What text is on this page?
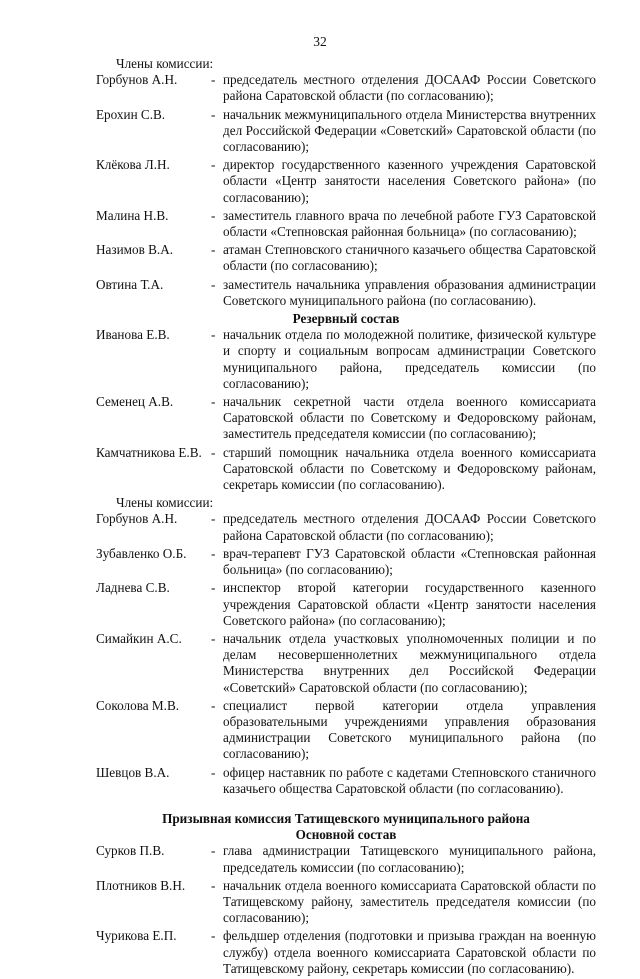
32
Члены комиссии:
Горбунов А.Н.	- председатель местного отделения ДОСААФ России Советского района Саратовской области (по согласованию);
Ерохин С.В.	- начальник межмуниципального отдела Министерства внутренних дел Российской Федерации «Советский» Саратовской области (по согласованию);
Клёкова Л.Н.	- директор государственного казенного учреждения Саратовской области «Центр занятости населения Советского района» (по согласованию);
Малина Н.В.	- заместитель главного врача по лечебной работе ГУЗ Саратовской области «Степновская районная больница» (по согласованию);
Назимов В.А.	- атаман Степновского станичного казачьего общества Саратовской области (по согласованию);
Овтина Т.А.	- заместитель начальника управления образования администрации Советского муниципального района (по согласованию).
Резервный состав
Иванова Е.В.	- начальник отдела по молодежной политике, физической культуре и спорту и социальным вопросам администрации Советского муниципального района, председатель комиссии (по согласованию);
Семенец А.В.	- начальник секретной части отдела военного комиссариата Саратовской области по Советскому и Федоровскому районам, заместитель председателя комиссии (по согласованию);
Камчатникова Е.В. - старший помощник начальника отдела военного комиссариата Саратовской области по Советскому и Федоровскому районам, секретарь комиссии (по согласованию).
Члены комиссии:
Горбунов А.Н.	- председатель местного отделения ДОСААФ России Советского района Саратовской области (по согласованию);
Зубавленко О.Б.	- врач-терапевт ГУЗ Саратовской области «Степновская районная больница» (по согласованию);
Ладнева С.В.	- инспектор второй категории государственного казенного учреждения Саратовской области «Центр занятости населения Советского района» (по согласованию);
Симайкин А.С.	- начальник отдела участковых уполномоченных полиции и по делам несовершеннолетних межмуниципального отдела Министерства внутренних дел Российской Федерации «Советский» Саратовской области (по согласованию);
Соколова М.В.	- специалист первой категории отдела управления образовательными учреждениями управления образования администрации Советского муниципального района (по согласованию);
Шевцов В.А.	- офицер наставник по работе с кадетами Степновского станичного казачьего общества Саратовской области (по согласованию).
Призывная комиссия Татищевского муниципального района
Основной состав
Сурков П.В.	- глава администрации Татищевского муниципального района, председатель комиссии (по согласованию);
Плотников В.Н.	- начальник отдела военного комиссариата Саратовской области по Татищевскому району, заместитель председателя комиссии (по согласованию);
Чурикова Е.П.	- фельдшер отделения (подготовки и призыва граждан на военную службу) отдела военного комиссариата Саратовской области по Татищевскому району, секретарь комиссии (по согласованию).
